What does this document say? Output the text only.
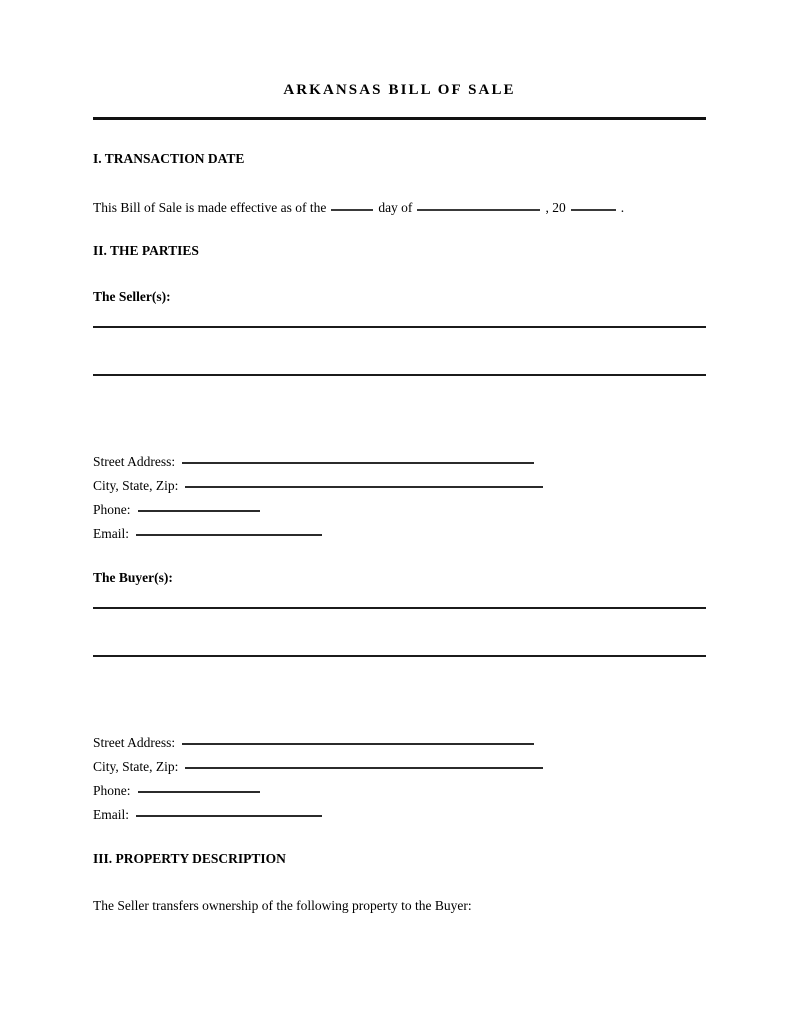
ARKANSAS BILL OF SALE
I. TRANSACTION DATE
This Bill of Sale is made effective as of the	day of	, 20	.
II. THE PARTIES
The Seller(s):
Street Address:
City, State, Zip:
Phone:
Email:
The Buyer(s):
Street Address:
City, State, Zip:
Phone:
Email:
III. PROPERTY DESCRIPTION
The Seller transfers ownership of the following property to the Buyer:
